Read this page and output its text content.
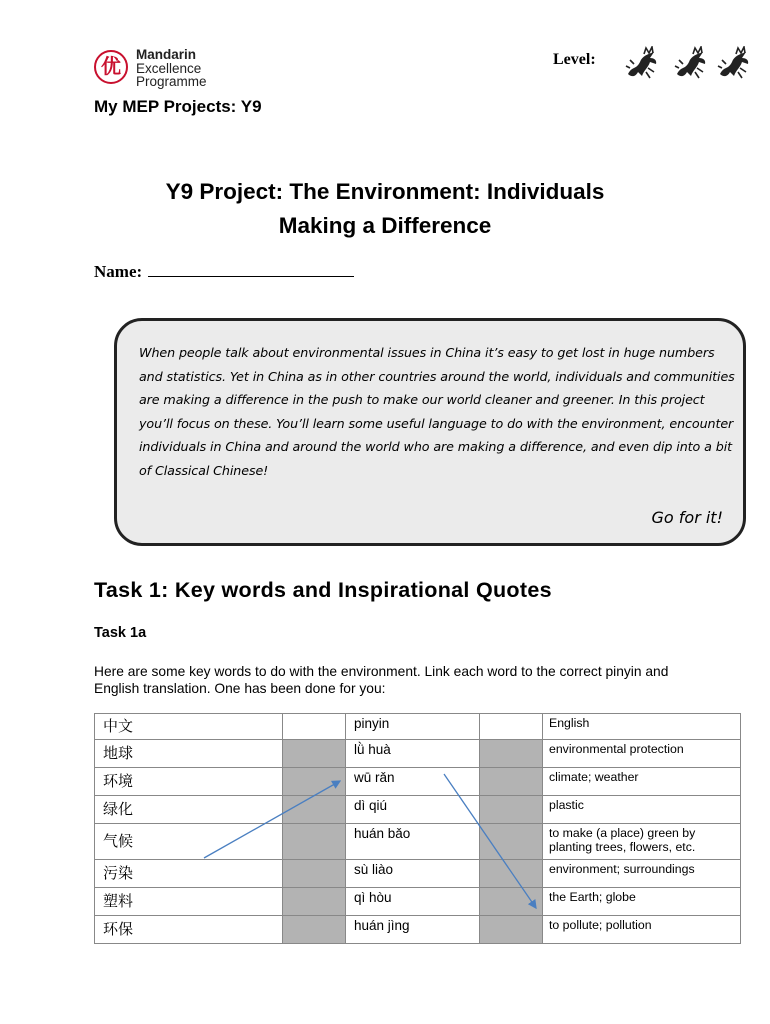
优
Mandarin
Excellence
Programme
Level:
My MEP Projects: Y9
Y9 Project: The Environment: Individuals
Making a Difference
Name:
When people talk about environmental issues in China it’s easy to get lost in huge numbers and statistics. Yet in China as in other countries around the world, individuals and communities are making a difference in the push to make our world cleaner and greener. In this project you’ll focus on these. You’ll learn some useful language to do with the environment, encounter individuals in China and around the world who are making a difference, and even dip into a bit of Classical Chinese!
Go for it!
Task 1: Key words and Inspirational Quotes
Task 1a
Here are some key words to do with the environment. Link each word to the correct pinyin and English translation. One has been done for you:
中文		pinyin		English
地球		lǜ huà		environmental protection
环境		wū rǎn		climate; weather
绿化		dì qiú		plastic
气候		huán bǎo		to make (a place) green by planting trees, flowers, etc.
污染		sù liào		environment; surroundings
塑料		qì hòu		the Earth; globe
环保		huán jìng		to pollute; pollution
